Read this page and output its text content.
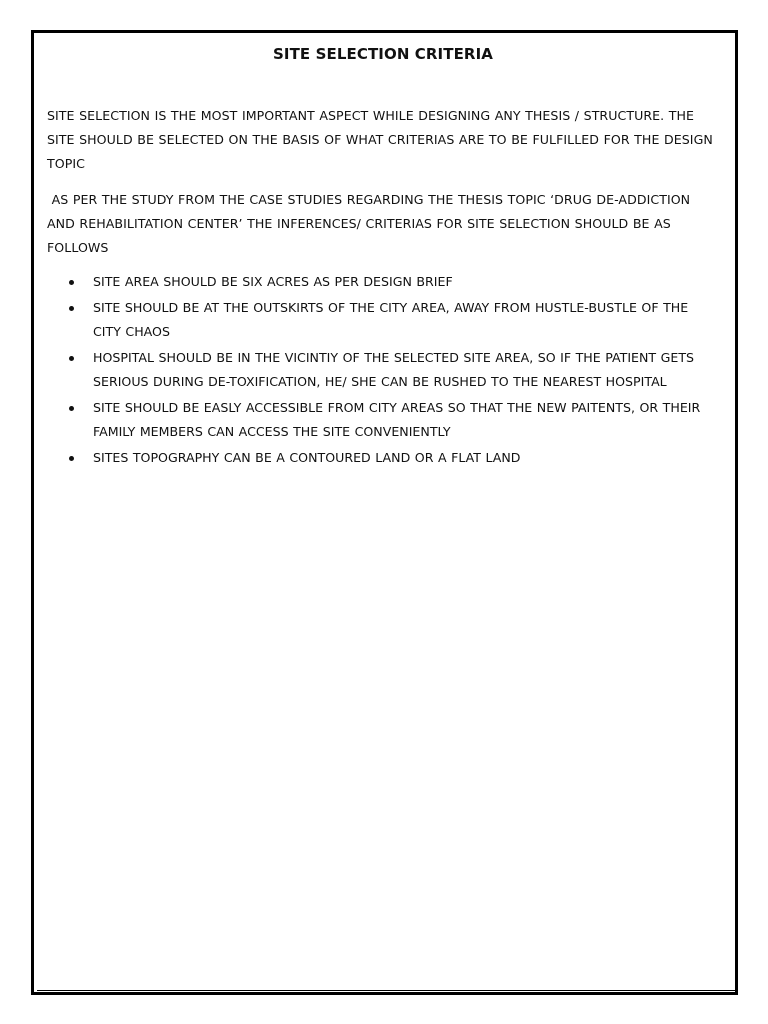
SITE SELECTION CRITERIA

SITE SELECTION IS THE MOST IMPORTANT ASPECT WHILE DESIGNING ANY THESIS / STRUCTURE. THE SITE SHOULD BE SELECTED ON THE BASIS OF WHAT CRITERIAS ARE TO BE FULFILLED FOR THE DESIGN TOPIC

AS PER THE STUDY FROM THE CASE STUDIES REGARDING THE THESIS TOPIC ‘DRUG DE-ADDICTION AND REHABILITATION CENTER’ THE INFERENCES/ CRITERIAS FOR SITE SELECTION SHOULD BE AS FOLLOWS

SITE AREA SHOULD BE SIX ACRES AS PER DESIGN BRIEF
SITE SHOULD BE AT THE OUTSKIRTS OF THE CITY AREA, AWAY FROM HUSTLE-BUSTLE OF THE CITY CHAOS
HOSPITAL SHOULD BE IN THE VICINTIY OF THE SELECTED SITE AREA, SO IF THE PATIENT GETS SERIOUS DURING DE-TOXIFICATION, HE/ SHE CAN BE RUSHED TO THE NEAREST HOSPITAL
SITE SHOULD BE EASLY ACCESSIBLE FROM CITY AREAS SO THAT THE NEW PAITENTS, OR THEIR FAMILY MEMBERS CAN ACCESS THE SITE CONVENIENTLY
SITES TOPOGRAPHY CAN BE A CONTOURED LAND OR A FLAT LAND
